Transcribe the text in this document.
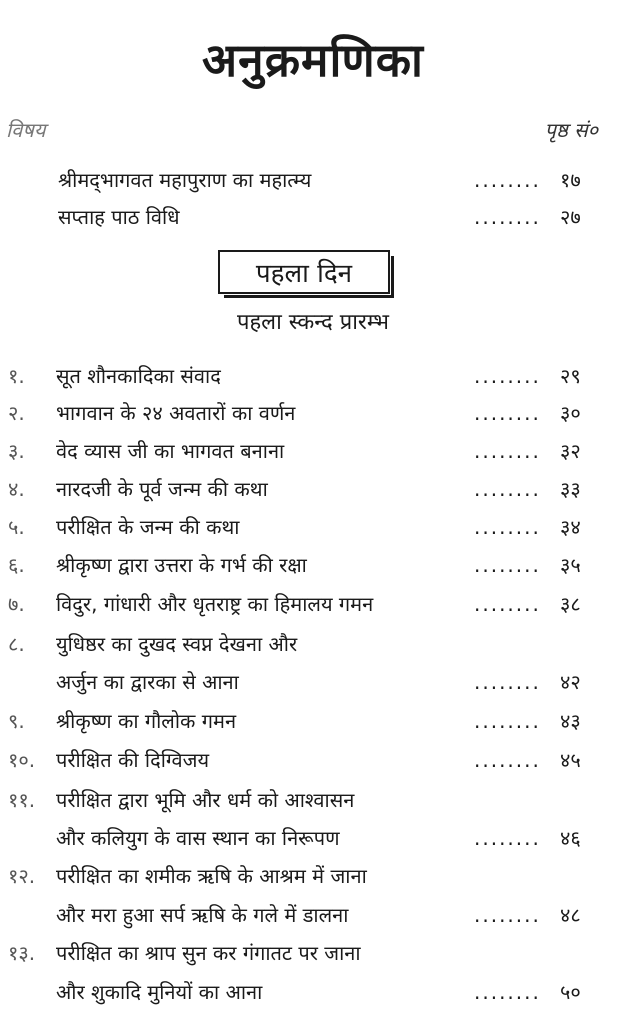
अनुक्रमणिका
विषय	पृष्ठ सं०
श्रीमद्‌भागवत महापुराण का महात्म्य	........ १७
सप्ताह पाठ विधि	........ २७
पहला दिन
पहला स्कन्द प्रारम्भ
१.	सूत शौनकादिका संवाद	........ २९
२.	भागवान के २४ अवतारों का वर्णन	........ ३०
३.	वेद व्यास जी का भागवत बनाना	........ ३२
४.	नारदजी के पूर्व जन्म की कथा	........ ३३
५.	परीक्षित के जन्म की कथा	........ ३४
६.	श्रीकृष्ण द्वारा उत्तरा के गर्भ की रक्षा	........ ३५
७.	विदुर, गांधारी और धृतराष्ट्र का हिमालय गमन	........ ३८
८.	युधिष्ठर का दुखद स्वप्न देखना और
अर्जुन का द्वारका से आना	........ ४२
९.	श्रीकृष्ण का गौलोक गमन	........ ४३
१०.	परीक्षित की दिग्विजय	........ ४५
११.	परीक्षित द्वारा भूमि और धर्म को आश्वासन
और कलियुग के वास स्थान का निरूपण	........ ४६
१२.	परीक्षित का शमीक ऋषि के आश्रम में जाना
और मरा हुआ सर्प ऋषि के गले में डालना	........ ४८
१३.	परीक्षित का श्राप सुन कर गंगातट पर जाना
और शुकादि मुनियों का आना	........ ५०
